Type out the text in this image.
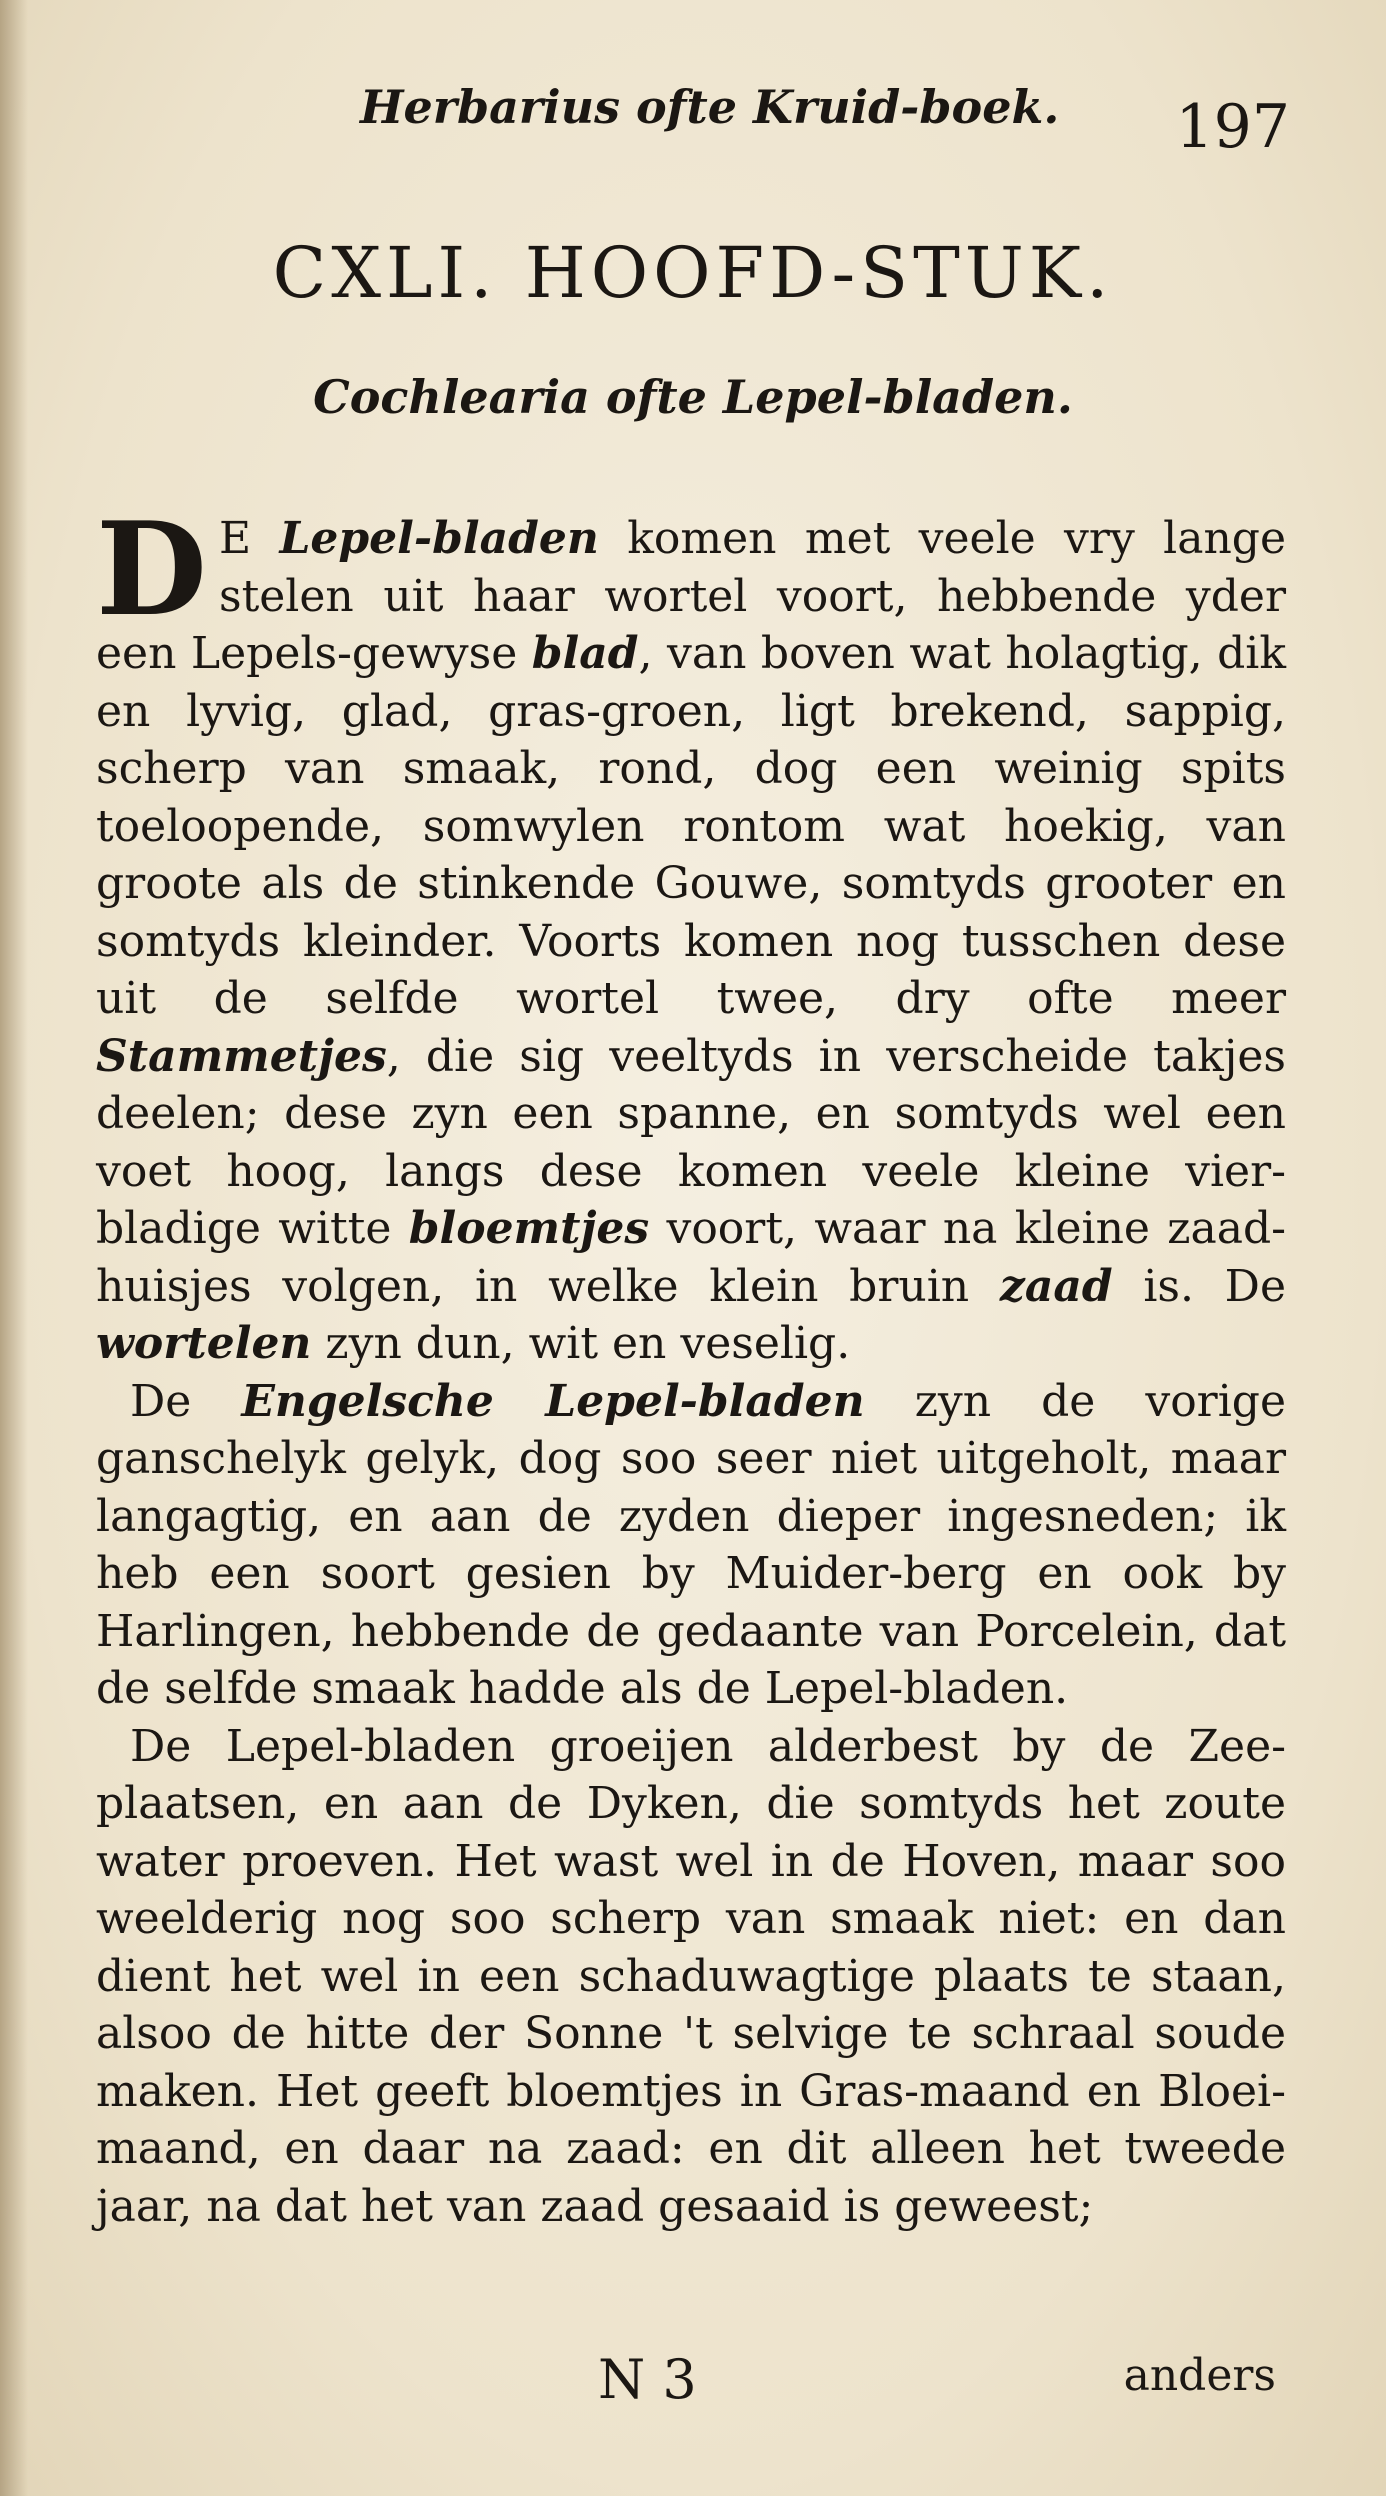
Herbarius ofte Kruid-boek. 197
CXLI. HOOFD-STUK.
Cochlearia ofte Lepel-bladen.

D E Lepel-bladen komen met veele vry lange stelen uit haar wortel voort, hebbende yder een Lepels-gewyse blad, van boven wat holagtig, dik en lyvig, glad, gras-groen, ligt brekend, sappig, scherp van smaak, rond, dog een weinig spits toeloopende, somwylen rontom wat hoekig, van groote als de stinkende Gouwe, somtyds grooter en somtyds kleinder. Voorts komen nog tusschen dese uit de selfde wortel twee, dry ofte meer Stammetjes, die sig veeltyds in verscheide takjes deelen; dese zyn een spanne, en somtyds wel een voet hoog, langs dese komen veele kleine vier-bladige witte bloemtjes voort, waar na kleine zaad-huisjes volgen, in welke klein bruin zaad is. De wortelen zyn dun, wit en veselig.

De Engelsche Lepel-bladen zyn de vorige ganschelyk gelyk, dog soo seer niet uitgeholt, maar langagtig, en aan de zyden dieper ingesneden; ik heb een soort gesien by Muider-berg en ook by Harlingen, hebbende de gedaante van Porcelein, dat de selfde smaak hadde als de Lepel-bladen.

De Lepel-bladen groeijen alderbest by de Zee-plaatsen, en aan de Dyken, die somtyds het zoute water proeven. Het wast wel in de Hoven, maar soo weelderig nog soo scherp van smaak niet: en dan dient het wel in een schaduwagtige plaats te staan, alsoo de hitte der Sonne 't selvige te schraal soude maken. Het geeft bloemtjes in Gras-maand en Bloei-maand, en daar na zaad: en dit alleen het tweede jaar, na dat het van zaad gesaaid is geweest;

N 3	anders
